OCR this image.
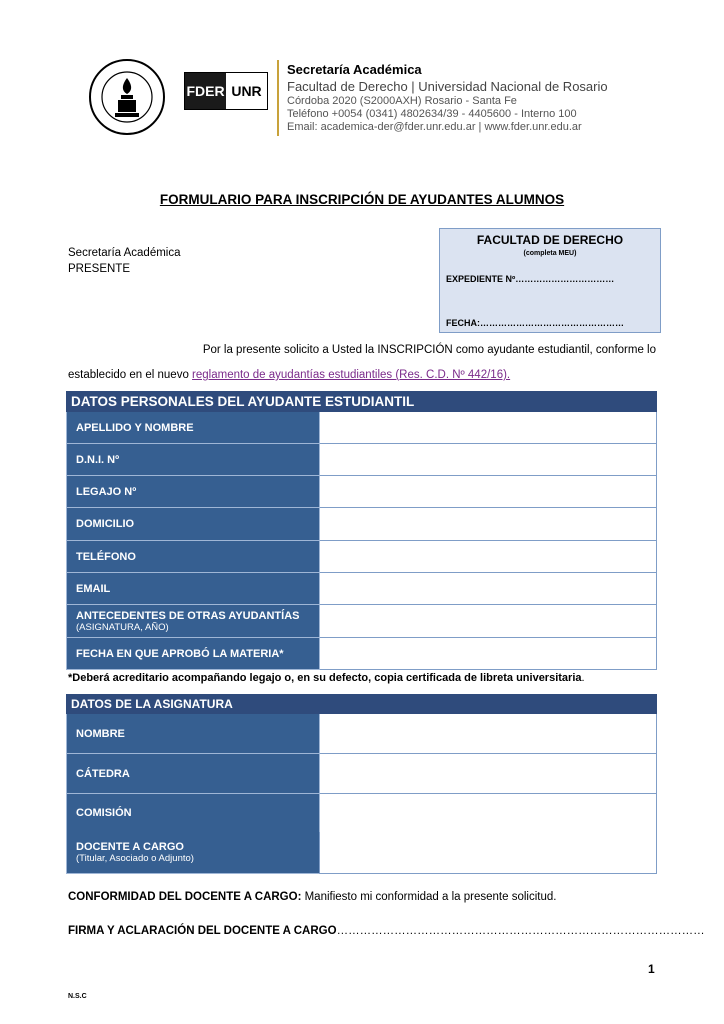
FDER UNR
Secretaría Académica
Facultad de Derecho | Universidad Nacional de Rosario
Córdoba 2020 (S2000AXH) Rosario - Santa Fe
Teléfono +0054 (0341) 4802634/39 - 4405600 - Interno 100
Email: academica-der@fder.unr.edu.ar | www.fder.unr.edu.ar
FORMULARIO PARA INSCRIPCIÓN DE AYUDANTES ALUMNOS
Secretaría Académica
PRESENTE
FACULTAD DE DERECHO
(completa MEU)
EXPEDIENTE Nº……………………………
FECHA:…………………………………………
Por la presente solicito a Usted la INSCRIPCIÓN como ayudante estudiantil, conforme lo
establecido en el nuevo reglamento de ayudantías estudiantiles (Res. C.D. Nº 442/16).
DATOS PERSONALES DEL AYUDANTE ESTUDIANTIL	
APELLIDO Y NOMBRE	
D.N.I. Nº	
LEGAJO Nº	
DOMICILIO	
TELÉFONO	
EMAIL	
ANTECEDENTES DE OTRAS AYUDANTÍAS
(ASIGNATURA, AÑO)	

FECHA EN QUE APROBÓ LA MATERIA*	
*Deberá acreditario acompañando legajo o, en su defecto, copia certificada de libreta universitaria.
DATOS DE LA ASIGNATURA	
NOMBRE	
CÁTEDRA	
COMISIÓN	
DOCENTE A CARGO
(Titular, Asociado o Adjunto)	
CONFORMIDAD DEL DOCENTE A CARGO: Manifiesto mi conformidad a la presente solicitud.
FIRMA Y ACLARACIÓN DEL DOCENTE A CARGO……………………………………………………………………………………
1
N.S.C
